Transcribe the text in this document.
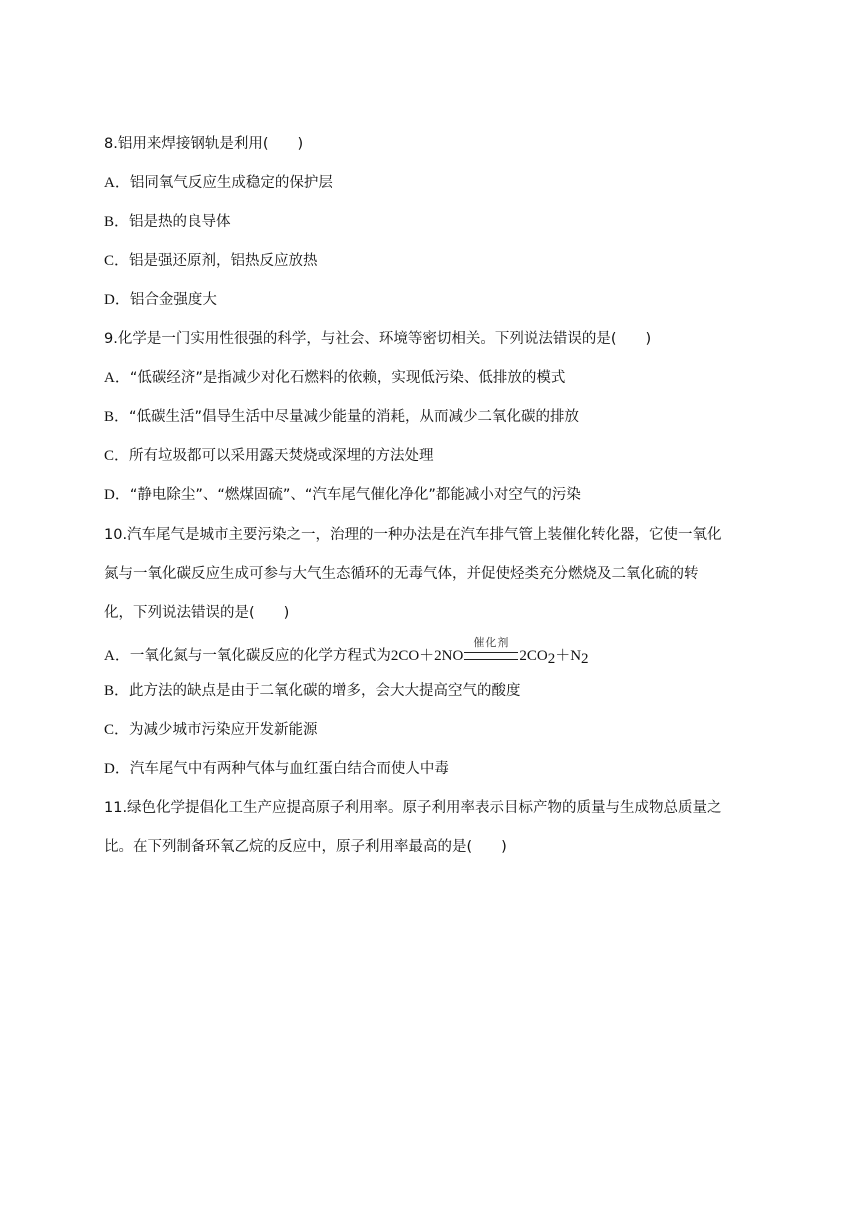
8.铝用来焊接钢轨是利用(　　)
A．铝同氧气反应生成稳定的保护层
B．铝是热的良导体
C．铝是强还原剂，铝热反应放热
D．铝合金强度大
9.化学是一门实用性很强的科学，与社会、环境等密切相关。下列说法错误的是(　　)
A．“低碳经济”是指减少对化石燃料的依赖，实现低污染、低排放的模式
B．“低碳生活”倡导生活中尽量减少能量的消耗，从而减少二氧化碳的排放
C．所有垃圾都可以采用露天焚烧或深埋的方法处理
D．“静电除尘”、“燃煤固硫”、“汽车尾气催化净化”都能减小对空气的污染
10.汽车尾气是城市主要污染之一，治理的一种办法是在汽车排气管上装催化转化器，它使一氧化
氮与一氧化碳反应生成可参与大气生态循环的无毒气体，并促使烃类充分燃烧及二氧化硫的转
化，下列说法错误的是(　　)
A．一氧化氮与一氧化碳反应的化学方程式为2CO＋2NO
催化剂
$2CO_2+N_2$
B．此方法的缺点是由于二氧化碳的增多，会大大提高空气的酸度
C．为减少城市污染应开发新能源
D．汽车尾气中有两种气体与血红蛋白结合而使人中毒
11.绿色化学提倡化工生产应提高原子利用率。原子利用率表示目标产物的质量与生成物总质量之
比。在下列制备环氧乙烷的反应中，原子利用率最高的是(　　)
